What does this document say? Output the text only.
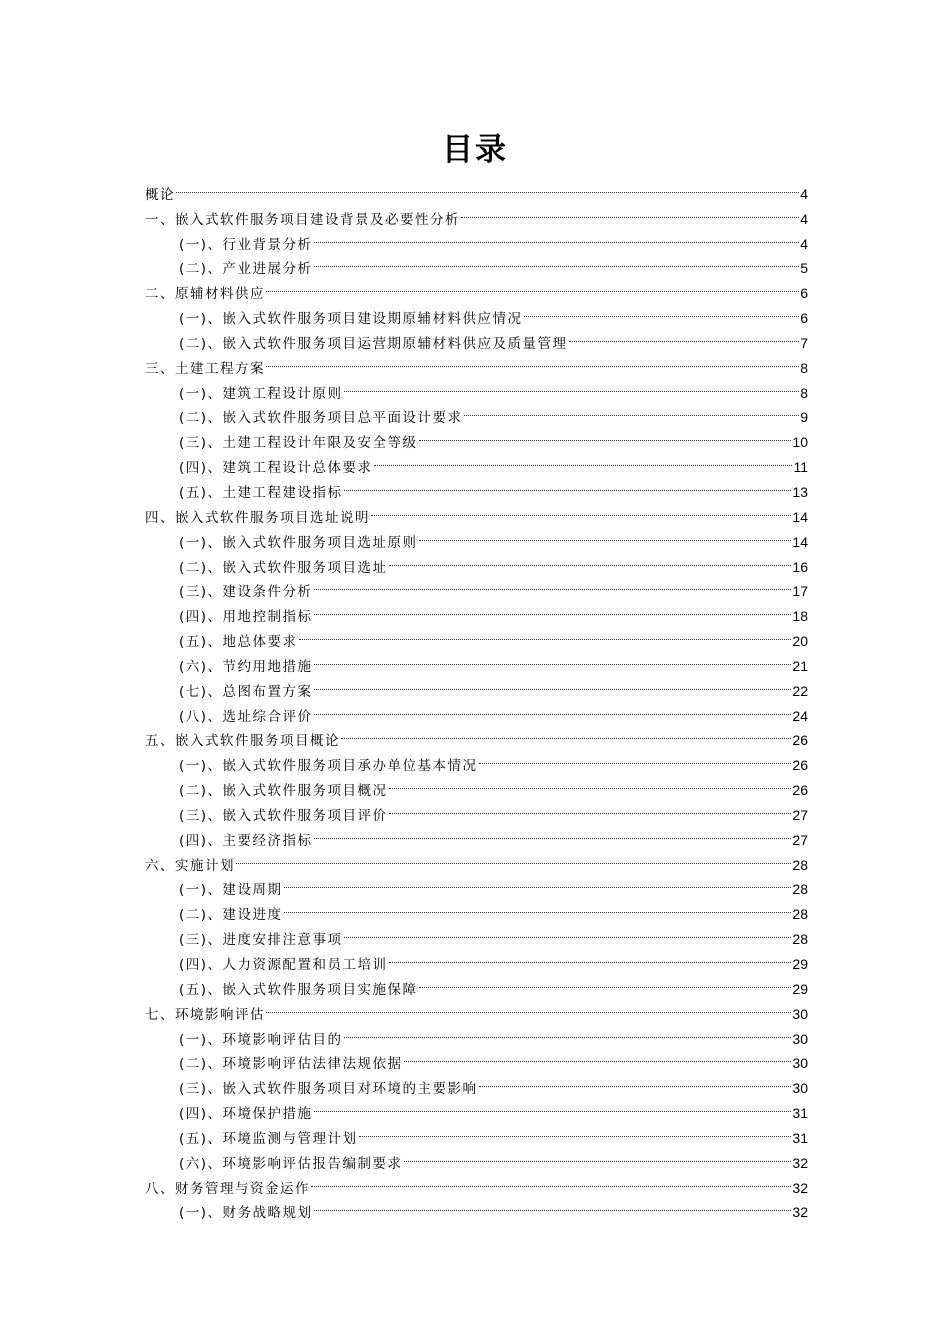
目录
概论	4
一、嵌入式软件服务项目建设背景及必要性分析	4
(一)、行业背景分析	4
(二)、产业进展分析	5
二、原辅材料供应	6
(一)、嵌入式软件服务项目建设期原辅材料供应情况	6
(二)、嵌入式软件服务项目运营期原辅材料供应及质量管理	7
三、土建工程方案	8
(一)、建筑工程设计原则	8
(二)、嵌入式软件服务项目总平面设计要求	9
(三)、土建工程设计年限及安全等级	10
(四)、建筑工程设计总体要求	11
(五)、土建工程建设指标	13
四、嵌入式软件服务项目选址说明	14
(一)、嵌入式软件服务项目选址原则	14
(二)、嵌入式软件服务项目选址	16
(三)、建设条件分析	17
(四)、用地控制指标	18
(五)、地总体要求	20
(六)、节约用地措施	21
(七)、总图布置方案	22
(八)、选址综合评价	24
五、嵌入式软件服务项目概论	26
(一)、嵌入式软件服务项目承办单位基本情况	26
(二)、嵌入式软件服务项目概况	26
(三)、嵌入式软件服务项目评价	27
(四)、主要经济指标	27
六、实施计划	28
(一)、建设周期	28
(二)、建设进度	28
(三)、进度安排注意事项	28
(四)、人力资源配置和员工培训	29
(五)、嵌入式软件服务项目实施保障	29
七、环境影响评估	30
(一)、环境影响评估目的	30
(二)、环境影响评估法律法规依据	30
(三)、嵌入式软件服务项目对环境的主要影响	30
(四)、环境保护措施	31
(五)、环境监测与管理计划	31
(六)、环境影响评估报告编制要求	32
八、财务管理与资金运作	32
(一)、财务战略规划	32
